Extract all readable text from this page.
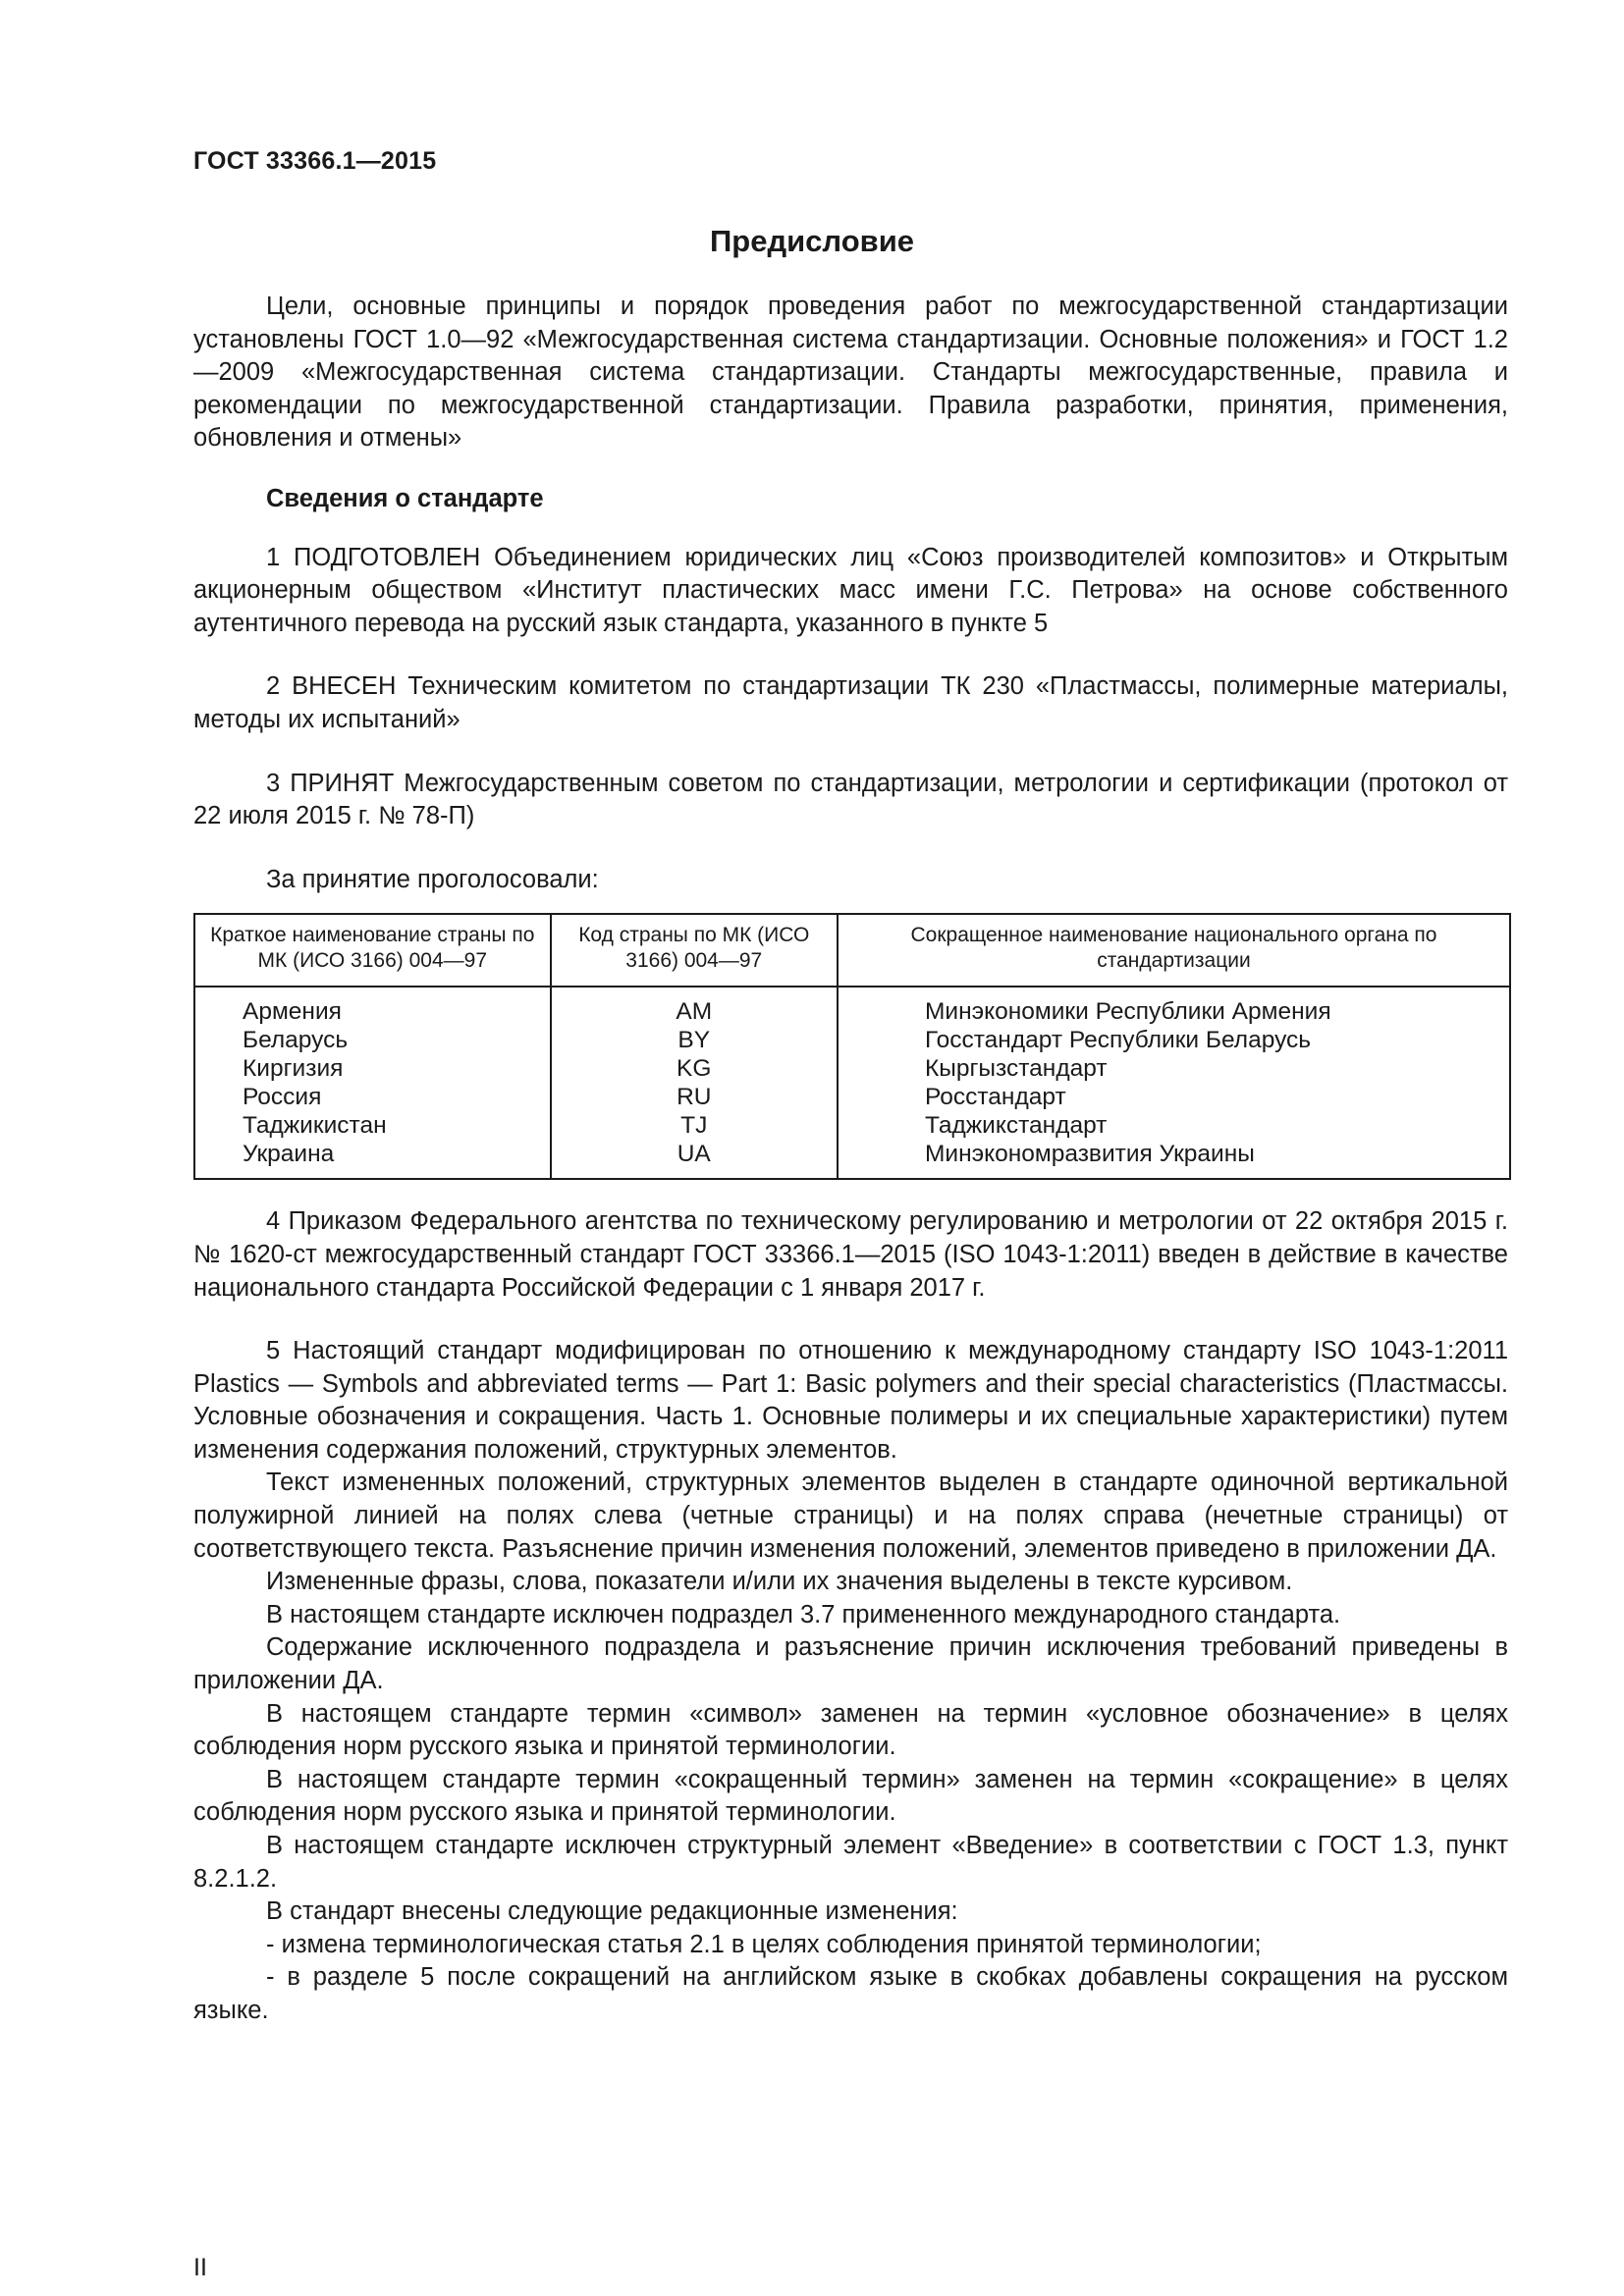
ГОСТ 33366.1—2015
Предисловие

Цели, основные принципы и порядок проведения работ по межгосударственной стандартизации установлены ГОСТ 1.0—92 «Межгосударственная система стандартизации. Основные положения» и ГОСТ 1.2—2009 «Межгосударственная система стандартизации. Стандарты межгосударственные, правила и рекомендации по межгосударственной стандартизации. Правила разработки, принятия, применения, обновления и отмены»

Сведения о стандарте

1 ПОДГОТОВЛЕН Объединением юридических лиц «Союз производителей композитов» и Открытым акционерным обществом «Институт пластических масс имени Г.С. Петрова» на основе собственного аутентичного перевода на русский язык стандарта, указанного в пункте 5

2 ВНЕСЕН Техническим комитетом по стандартизации ТК 230 «Пластмассы, полимерные материалы, методы их испытаний»

3 ПРИНЯТ Межгосударственным советом по стандартизации, метрологии и сертификации (протокол от 22 июля 2015 г. № 78-П)

За принятие проголосовали:

Краткое наименование страны по МК (ИСО 3166) 004—97	Код страны по МК (ИСО 3166) 004—97	Сокращенное наименование национального органа по стандартизации
Армения	AM	Минэкономики Республики Армения
Беларусь	BY	Госстандарт Республики Беларусь
Киргизия	KG	Кыргызстандарт
Россия	RU	Росстандарт
Таджикистан	TJ	Таджикстандарт
Украина	UA	Минэкономразвития Украины

4 Приказом Федерального агентства по техническому регулированию и метрологии от 22 октября 2015 г. № 1620-ст межгосударственный стандарт ГОСТ 33366.1—2015 (ISO 1043-1:2011) введен в действие в качестве национального стандарта Российской Федерации с 1 января 2017 г.

5 Настоящий стандарт модифицирован по отношению к международному стандарту ISO 1043-1:2011 Plastics — Symbols and abbreviated terms — Part 1: Basic polymers and their special characteristics (Пластмассы. Условные обозначения и сокращения. Часть 1. Основные полимеры и их специальные характеристики) путем изменения содержания положений, структурных элементов.

Текст измененных положений, структурных элементов выделен в стандарте одиночной вертикальной полужирной линией на полях слева (четные страницы) и на полях справа (нечетные страницы) от соответствующего текста. Разъяснение причин изменения положений, элементов приведено в приложении ДА.

Измененные фразы, слова, показатели и/или их значения выделены в тексте курсивом.

В настоящем стандарте исключен подраздел 3.7 примененного международного стандарта.

Содержание исключенного подраздела и разъяснение причин исключения требований приведены в приложении ДА.

В настоящем стандарте термин «символ» заменен на термин «условное обозначение» в целях соблюдения норм русского языка и принятой терминологии.

В настоящем стандарте термин «сокращенный термин» заменен на термин «сокращение» в целях соблюдения норм русского языка и принятой терминологии.

В настоящем стандарте исключен структурный элемент «Введение» в соответствии с ГОСТ 1.3, пункт 8.2.1.2.

В стандарт внесены следующие редакционные изменения:

- измена терминологическая статья 2.1 в целях соблюдения принятой терминологии;

- в разделе 5 после сокращений на английском языке в скобках добавлены сокращения на русском языке.

II
